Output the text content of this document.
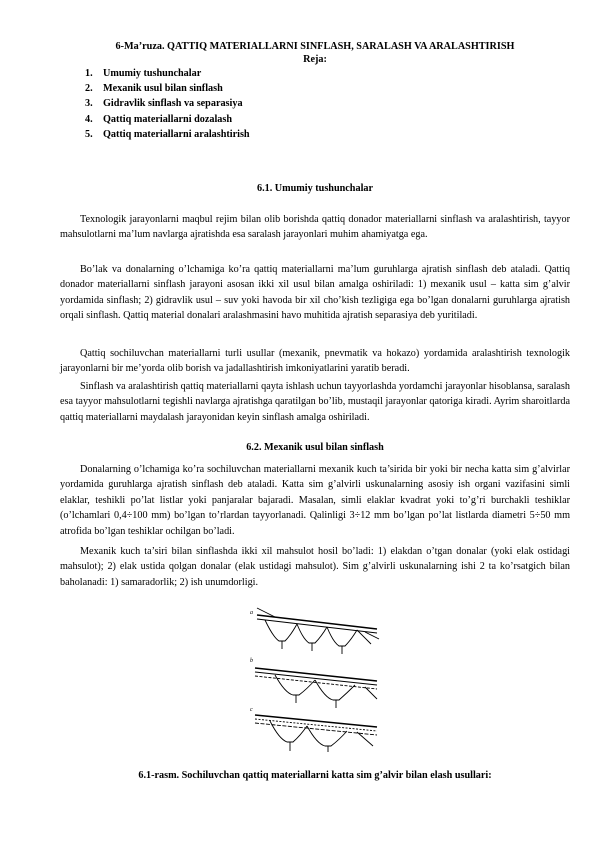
6-Ma’ruza. QATTIQ MATERIALLARNI SINFLASH, SARALASH VA ARALASHTIRISH
Reja:
1. Umumiy tushunchalar
2. Mexanik usul bilan sinflash
3. Gidravlik sinflash va separasiya
4. Qattiq materiallarni dozalash
5. Qattiq materiallarni aralashtirish
6.1. Umumiy tushunchalar

Texnologik jarayonlarni maqbul rejim bilan olib borishda qattiq donador materiallarni sinflash va aralashtirish, tayyor mahsulotlarni ma’lum navlarga ajratishda esa saralash jarayonlari muhim ahamiyatga ega.

Bo’lak va donalarning o’lchamiga ko’ra qattiq materiallarni ma’lum guruhlarga ajratish sinflash deb ataladi. Qattiq donador materiallarni sinflash jarayoni asosan ikki xil usul bilan amalga oshiriladi: 1) mexanik usul – katta sim g’alvir yordamida sinflash; 2) gidravlik usul – suv yoki havoda bir xil cho’kish tezligiga ega bo’lgan donalarni guruhlarga ajratish orqali sinflash. Qattiq material donalari aralashmasini havo muhitida ajratish separasiya deb yuritiladi.

Qattiq sochiluvchan materiallarni turli usullar (mexanik, pnevmatik va hokazo) yordamida aralashtirish texnologik jarayonlarni bir me’yorda olib borish va jadallashtirish imkoniyatlarini yaratib beradi.

Sinflash va aralashtirish qattiq materiallarni qayta ishlash uchun tayyorlashda yordamchi jarayonlar hisoblansa, saralash esa tayyor mahsulotlarni tegishli navlarga ajratishga qaratilgan bo’lib, mustaqil jarayonlar qatoriga kiradi. Ayrim sharoitlarda qattiq materiallarni maydalash jarayonidan keyin sinflash amalga oshiriladi.

6.2. Mexanik usul bilan sinflash

Donalarning o’lchamiga ko’ra sochiluvchan materiallarni mexanik kuch ta’sirida bir yoki bir necha katta sim g’alvirlar yordamida guruhlarga ajratish sinflash deb ataladi. Katta sim g’alvirli uskunalarning asosiy ish organi vazifasini simli elaklar, teshikli po’lat listlar yoki panjaralar bajaradi. Masalan, simli elaklar kvadrat yoki to’g’ri burchakli teshiklar (o’lchamlari 0,4÷100 mm) bo’lgan to’rlardan tayyorlanadi. Qalinligi 3÷12 mm bo’lgan po’lat listlarda diametri 5÷50 mm atrofida bo’lgan teshiklar ochilgan bo’ladi.

Mexanik kuch ta’siri bilan sinflashda ikki xil mahsulot hosil bo’ladi: 1) elakdan o’tgan donalar (yoki elak ostidagi mahsulot); 2) elak ustida qolgan donalar (elak ustidagi mahsulot). Sim g’alvirli uskunalarning ishi 2 ta ko’rsatgich bilan baholanadi: 1) samaradorlik; 2) ish unumdorligi.

a
b
c
6.1-rasm. Sochiluvchan qattiq materiallarni katta sim g’alvir bilan elash usullari:
